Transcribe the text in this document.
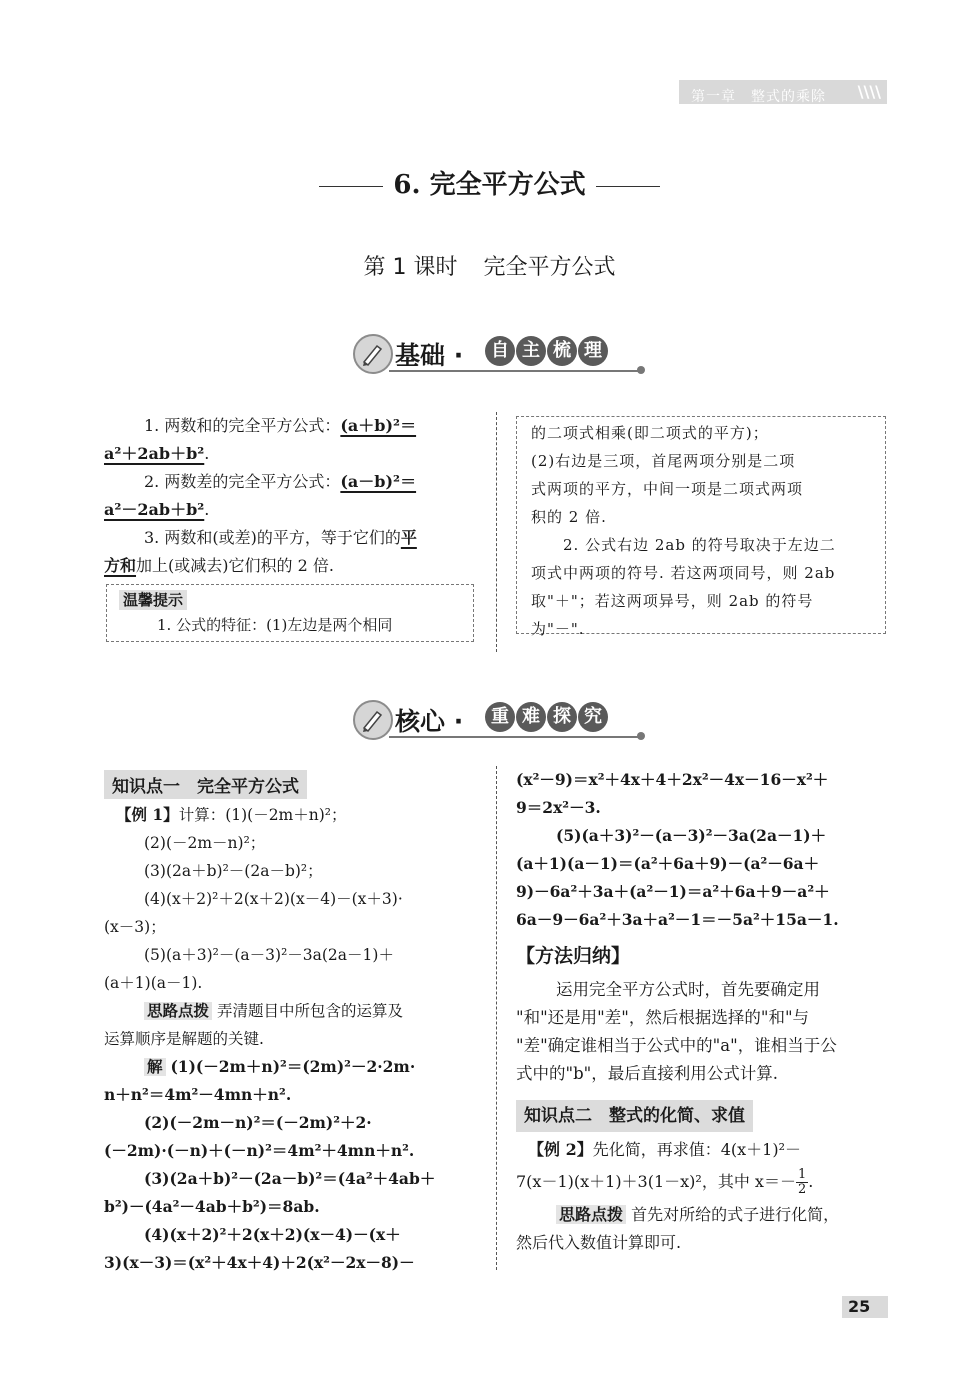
第一章　整式的乘除 \\\\
6. 完全平方公式
第 1 课时 完全平方公式
基础 ·	自 主 梳 理
1. 两数和的完全平方公式：(a＋b)²＝
a²＋2ab＋b².
2. 两数差的完全平方公式：(a－b)²＝
a²－2ab＋b².
3. 两数和(或差)的平方，等于它们的平
方和加上(或减去)它们积的 2 倍.
温馨提示
1. 公式的特征：(1)左边是两个相同
的二项式相乘(即二项式的平方)；
(2)右边是三项，首尾两项分别是二项
式两项的平方，中间一项是二项式两项
积的 2 倍.
2. 公式右边 2ab 的符号取决于左边二
项式中两项的符号. 若这两项同号，则 2ab
取"＋"；若这两项异号，则 2ab 的符号
为"－".
核心 ·	重 难 探 究
知识点一　完全平方公式
【例 1】计算：(1)(－2m＋n)²；
(2)(－2m－n)²；
(3)(2a＋b)²－(2a－b)²；
(4)(x＋2)²＋2(x＋2)(x－4)－(x＋3)·
(x－3)；
(5)(a＋3)²－(a－3)²－3a(2a－1)＋
(a＋1)(a－1).
思路点拨 弄清题目中所包含的运算及
运算顺序是解题的关键.
解 (1)(－2m＋n)²＝(2m)²－2·2m·
n＋n²＝4m²－4mn＋n².
(2)(－2m－n)²＝(－2m)²＋2·
(－2m)·(－n)＋(－n)²＝4m²＋4mn＋n².
(3)(2a＋b)²－(2a－b)²＝(4a²＋4ab＋
b²)－(4a²－4ab＋b²)＝8ab.
(4)(x＋2)²＋2(x＋2)(x－4)－(x＋
3)(x－3)＝(x²＋4x＋4)＋2(x²－2x－8)－
(x²－9)＝x²＋4x＋4＋2x²－4x－16－x²＋
9＝2x²－3.
(5)(a＋3)²－(a－3)²－3a(2a－1)＋
(a＋1)(a－1)＝(a²＋6a＋9)－(a²－6a＋
9)－6a²＋3a＋(a²－1)＝a²＋6a＋9－a²＋
6a－9－6a²＋3a＋a²－1＝－5a²＋15a－1.
【方法归纳】
运用完全平方公式时，首先要确定用
"和"还是用"差"，然后根据选择的"和"与
"差"确定谁相当于公式中的"a"，谁相当于公
式中的"b"，最后直接利用公式计算.
知识点二　整式的化简、求值
【例 2】先化简，再求值：4(x＋1)²－
7(x－1)(x＋1)＋3(1－x)²，其中 $x=- \frac{1}{2}$ .
思路点拨 首先对所给的式子进行化简，
然后代入数值计算即可.
25
